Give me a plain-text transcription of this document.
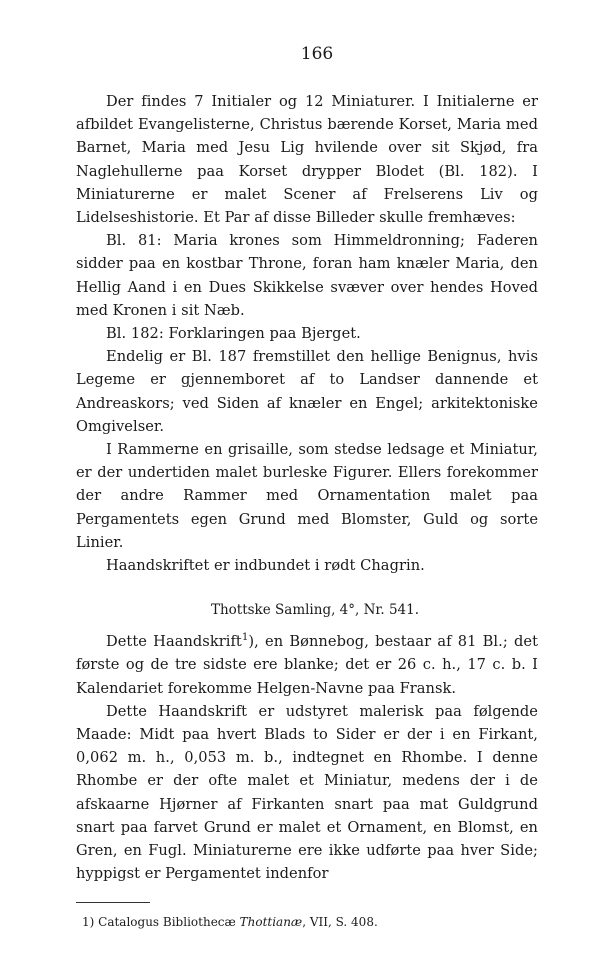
166

Der findes 7 Initialer og 12 Miniaturer. I Initialerne er afbildet Evangelisterne, Christus bærende Korset, Maria med Barnet, Maria med Jesu Lig hvilende over sit Skjød, fra Naglehullerne paa Korset drypper Blodet (Bl. 182). I Miniaturerne er malet Scener af Frelserens Liv og Lidelseshistorie. Et Par af disse Billeder skulle fremhæves:

Bl. 81: Maria krones som Himmeldronning; Faderen sidder paa en kostbar Throne, foran ham knæler Maria, den Hellig Aand i en Dues Skikkelse svæver over hendes Hoved med Kronen i sit Næb.

Bl. 182: Forklaringen paa Bjerget.

Endelig er Bl. 187 fremstillet den hellige Benignus, hvis Legeme er gjennemboret af to Landser dannende et Andreaskors; ved Siden af knæler en Engel; arkitektoniske Omgivelser.

I Rammerne en grisaille, som stedse ledsage et Miniatur, er der undertiden malet burleske Figurer. Ellers forekommer der andre Rammer med Ornamentation malet paa Pergamentets egen Grund med Blomster, Guld og sorte Linier.

Haandskriftet er indbundet i rødt Chagrin.

Thottske Samling, 4°, Nr. 541.

Dette Haandskrift$^1$), en Bønnebog, bestaar af 81 Bl.; det første og de tre sidste ere blanke; det er 26 c. h., 17 c. b. I Kalendariet forekomme Helgen-Navne paa Fransk.

Dette Haandskrift er udstyret malerisk paa følgende Maade: Midt paa hvert Blads to Sider er der i en Firkant, 0,062 m. h., 0,053 m. b., indtegnet en Rhombe. I denne Rhombe er der ofte malet et Miniatur, medens der i de afskaarne Hjørner af Firkanten snart paa mat Guldgrund snart paa farvet Grund er malet et Ornament, en Blomst, en Gren, en Fugl. Miniaturerne ere ikke udførte paa hver Side; hyppigst er Pergamentet indenfor

1) Catalogus Bibliothecæ Thottianæ, VII, S. 408.
